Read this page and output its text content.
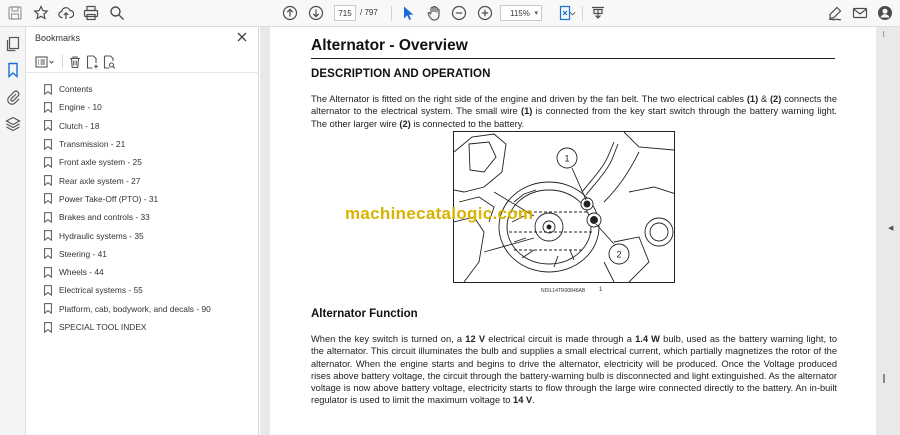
715	/ 797	115% ▾
Bookmarks
Contents
Engine - 10
Clutch - 18
Transmission - 21
Front axle system - 25
Rear axle system - 27
Power Take-Off (PTO) - 31
Brakes and controls - 33
Hydraulic systems - 35
Steering - 41
Wheels - 44
Electrical systems - 55
Platform, cab, bodywork, and decals - 90
SPECIAL TOOL INDEX
Alternator - Overview
DESCRIPTION AND OPERATION
The Alternator is fitted on the right side of the engine and driven by the fan belt. The two electrical cables (1) & (2) connects the alternator to the electrical system. The small wire (1) is connected from the key start switch through the battery warning light. The other larger wire (2) is connected to the battery.
1
2
NDIL14TR00846AB 1
machinecatalogic.com
Alternator Function
When the key switch is turned on, a 12 V electrical circuit is made through a 1.4 W bulb, used as the battery warning light, to the alternator. This circuit illuminates the bulb and supplies a small electrical current, which partially magnetizes the rotor of the alternator. When the engine starts and begins to drive the alternator, electricity will be produced. Once the Voltage produced rises above battery voltage, the circuit through the battery-warning bulb is disconnected and light extinguished. As the alternator voltage is now above battery voltage, electricity starts to flow through the large wire connected directly to the battery. An in-built regulator is used to limit the maximum voltage to 14 V.
◀
